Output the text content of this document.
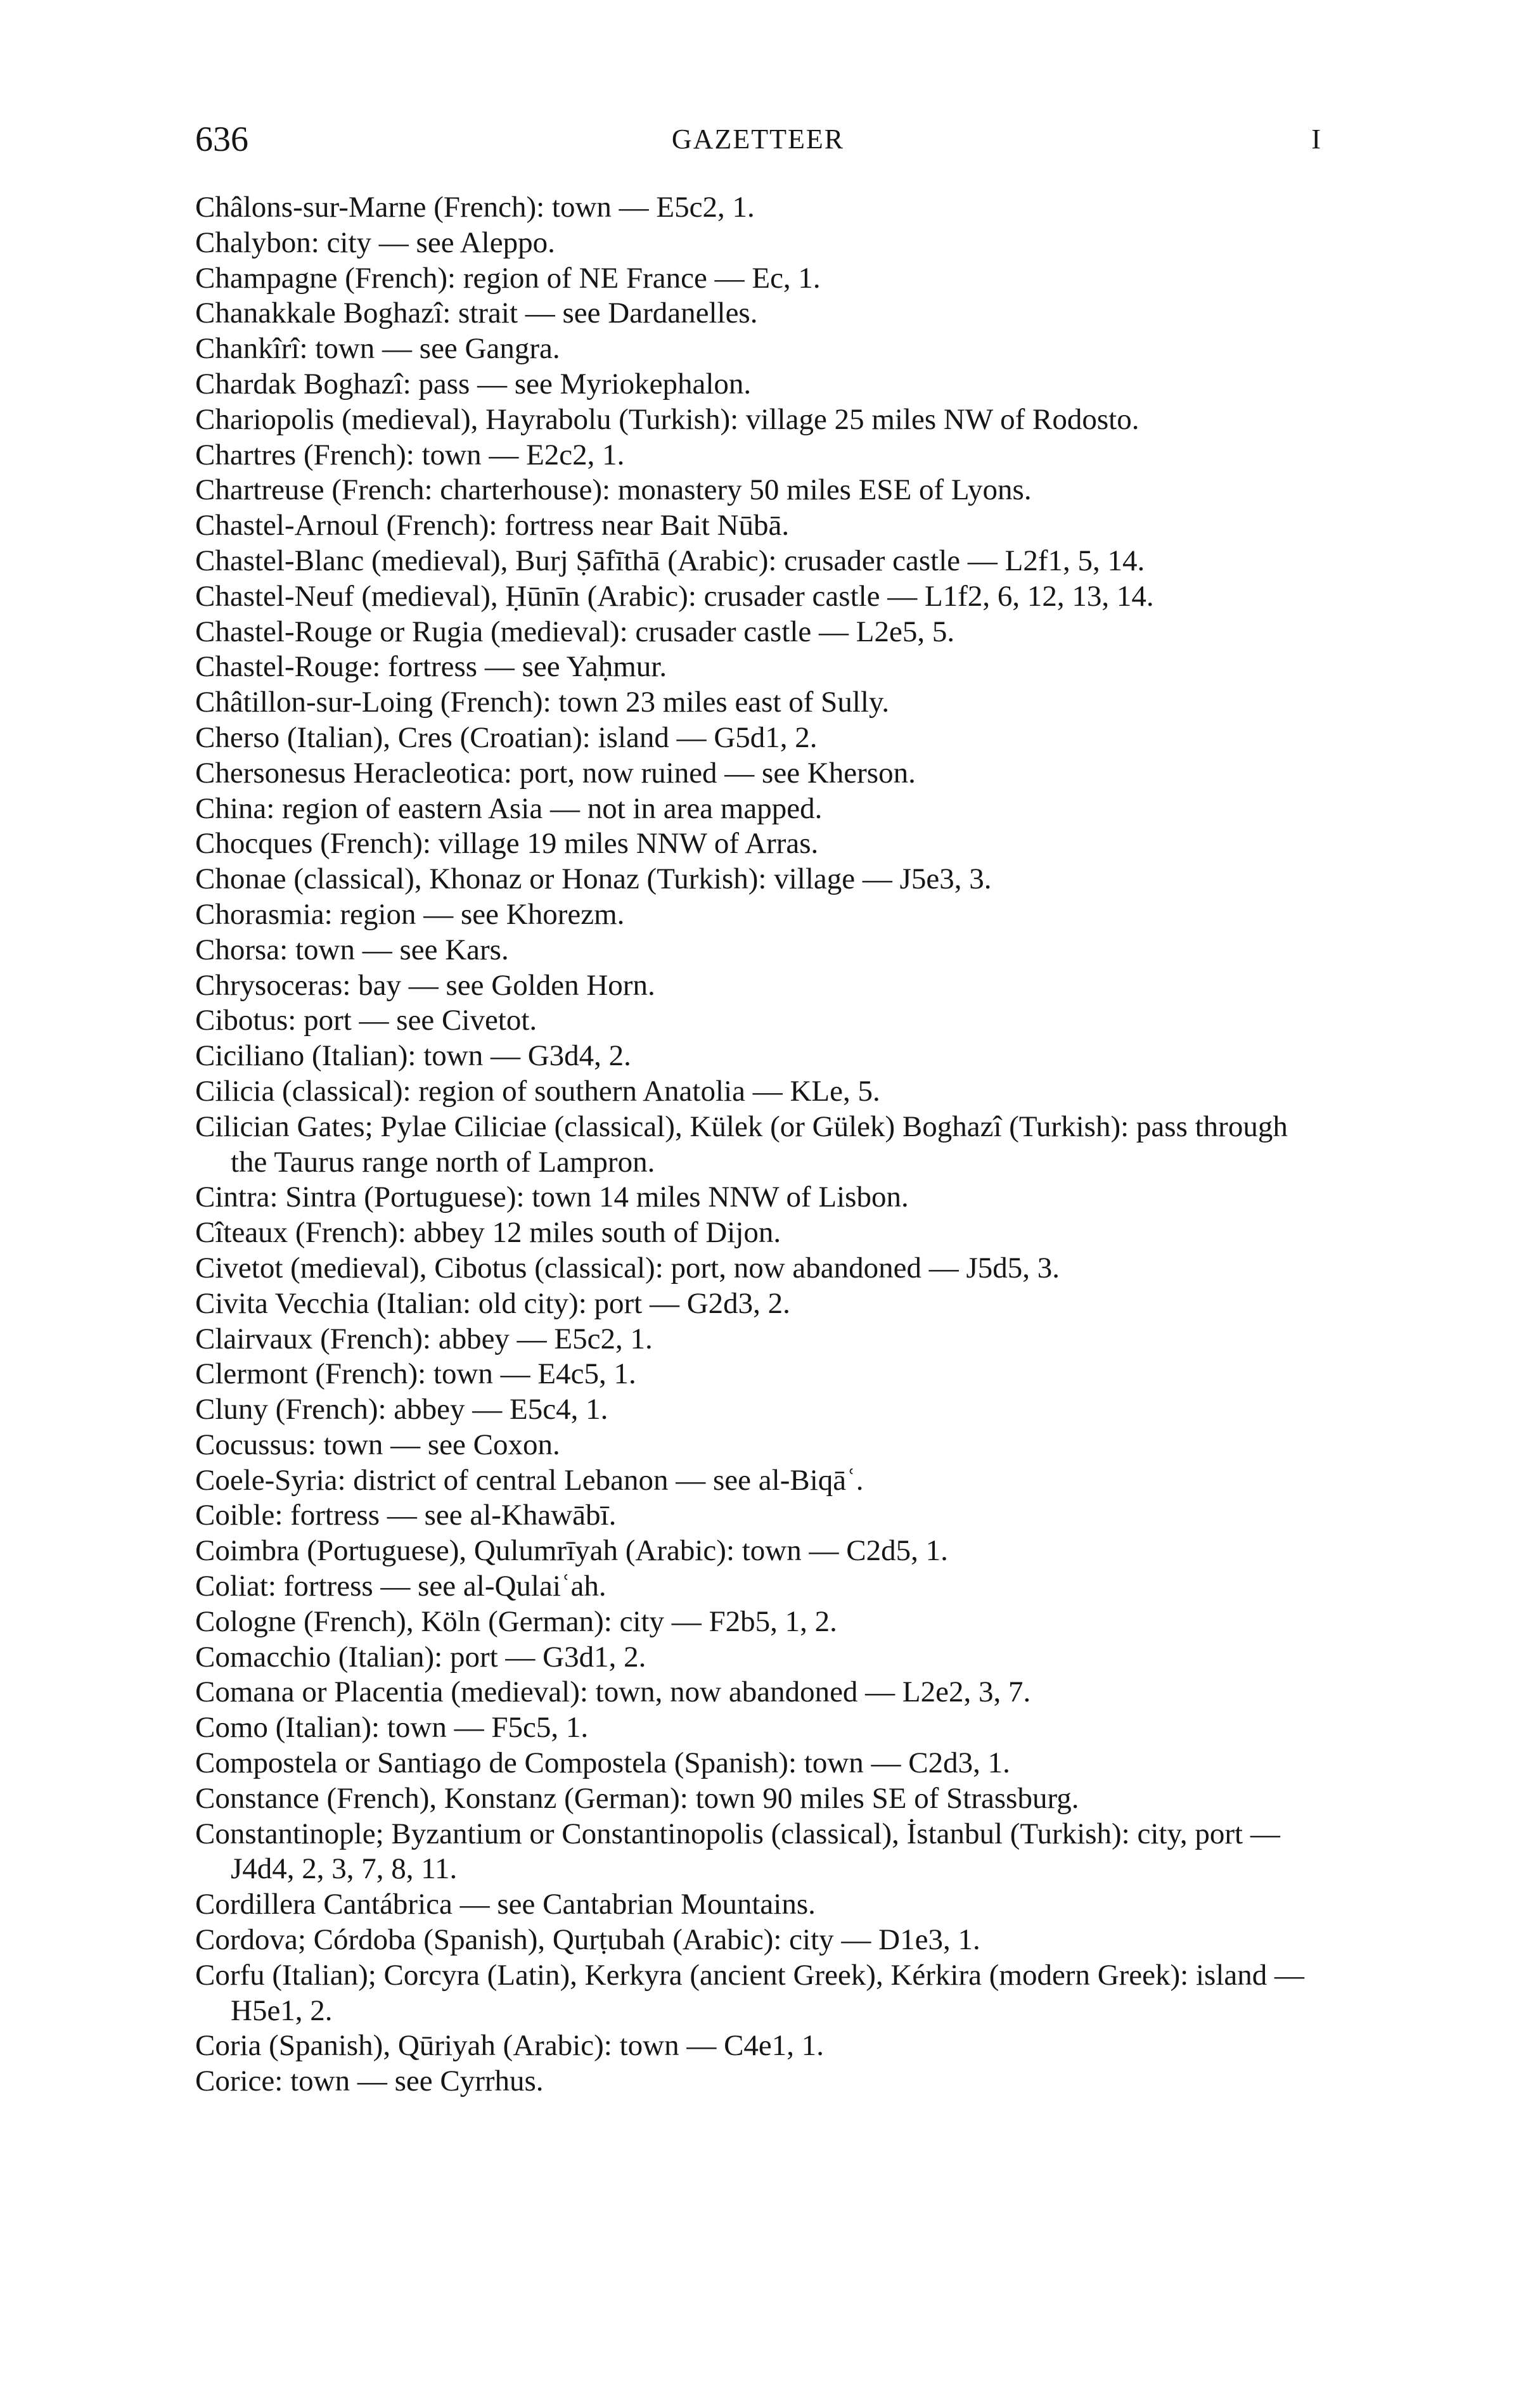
636	GAZETTEER	I
Châlons-sur-Marne (French): town — E5c2, 1.
Chalybon: city — see Aleppo.
Champagne (French): region of NE France — Ec, 1.
Chanakkale Boghazî: strait — see Dardanelles.
Chankîrî: town — see Gangra.
Chardak Boghazî: pass — see Myriokephalon.
Chariopolis (medieval), Hayrabolu (Turkish): village 25 miles NW of Rodosto.
Chartres (French): town — E2c2, 1.
Chartreuse (French: charterhouse): monastery 50 miles ESE of Lyons.
Chastel-Arnoul (French): fortress near Bait Nūbā.
Chastel-Blanc (medieval), Burj Ṣāfīthā (Arabic): crusader castle — L2f1, 5, 14.
Chastel-Neuf (medieval), Ḥūnīn (Arabic): crusader castle — L1f2, 6, 12, 13, 14.
Chastel-Rouge or Rugia (medieval): crusader castle — L2e5, 5.
Chastel-Rouge: fortress — see Yaḥmur.
Châtillon-sur-Loing (French): town 23 miles east of Sully.
Cherso (Italian), Cres (Croatian): island — G5d1, 2.
Chersonesus Heracleotica: port, now ruined — see Kherson.
China: region of eastern Asia — not in area mapped.
Chocques (French): village 19 miles NNW of Arras.
Chonae (classical), Khonaz or Honaz (Turkish): village — J5e3, 3.
Chorasmia: region — see Khorezm.
Chorsa: town — see Kars.
Chrysoceras: bay — see Golden Horn.
Cibotus: port — see Civetot.
Ciciliano (Italian): town — G3d4, 2.
Cilicia (classical): region of southern Anatolia — KLe, 5.
Cilician Gates; Pylae Ciliciae (classical), Külek (or Gülek) Boghazî (Turkish): pass through the Taurus range north of Lampron.
Cintra: Sintra (Portuguese): town 14 miles NNW of Lisbon.
Cîteaux (French): abbey 12 miles south of Dijon.
Civetot (medieval), Cibotus (classical): port, now abandoned — J5d5, 3.
Civita Vecchia (Italian: old city): port — G2d3, 2.
Clairvaux (French): abbey — E5c2, 1.
Clermont (French): town — E4c5, 1.
Cluny (French): abbey — E5c4, 1.
Cocussus: town — see Coxon.
Coele-Syria: district of central Lebanon — see al-Biqāʿ.
Coible: fortress — see al-Khawābī.
Coimbra (Portuguese), Qulumrīyah (Arabic): town — C2d5, 1.
Coliat: fortress — see al-Qulaiʿah.
Cologne (French), Köln (German): city — F2b5, 1, 2.
Comacchio (Italian): port — G3d1, 2.
Comana or Placentia (medieval): town, now abandoned — L2e2, 3, 7.
Como (Italian): town — F5c5, 1.
Compostela or Santiago de Compostela (Spanish): town — C2d3, 1.
Constance (French), Konstanz (German): town 90 miles SE of Strassburg.
Constantinople; Byzantium or Constantinopolis (classical), İstanbul (Turkish): city, port — J4d4, 2, 3, 7, 8, 11.
Cordillera Cantábrica — see Cantabrian Mountains.
Cordova; Córdoba (Spanish), Qurṭubah (Arabic): city — D1e3, 1.
Corfu (Italian); Corcyra (Latin), Kerkyra (ancient Greek), Kérkira (modern Greek): island — H5e1, 2.
Coria (Spanish), Qūriyah (Arabic): town — C4e1, 1.
Corice: town — see Cyrrhus.
